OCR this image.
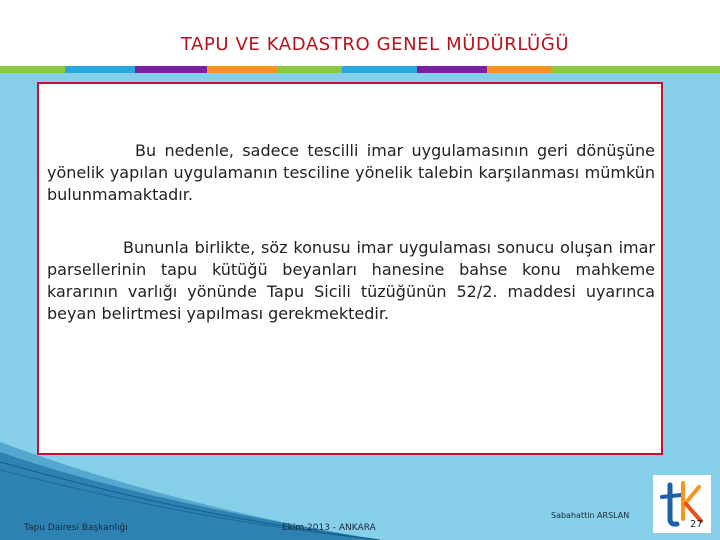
TAPU VE KADASTRO GENEL MÜDÜRLÜĞÜ

Bu nedenle, sadece tescilli imar uygulamasının geri dönüşüne yönelik yapılan uygulamanın tesciline yönelik talebin karşılanması mümkün bulunmamaktadır.

Bununla birlikte, söz konusu imar uygulaması sonucu oluşan imar parsellerinin tapu kütüğü beyanları hanesine bahse konu mahkeme kararının varlığı yönünde Tapu Sicili tüzüğünün 52/2. maddesi uyarınca beyan belirtmesi yapılması gerekmektedir.

Tapu Dairesi Başkanlığı	Ekim 2013 - ANKARA
Sabahattin ARSLAN
27
